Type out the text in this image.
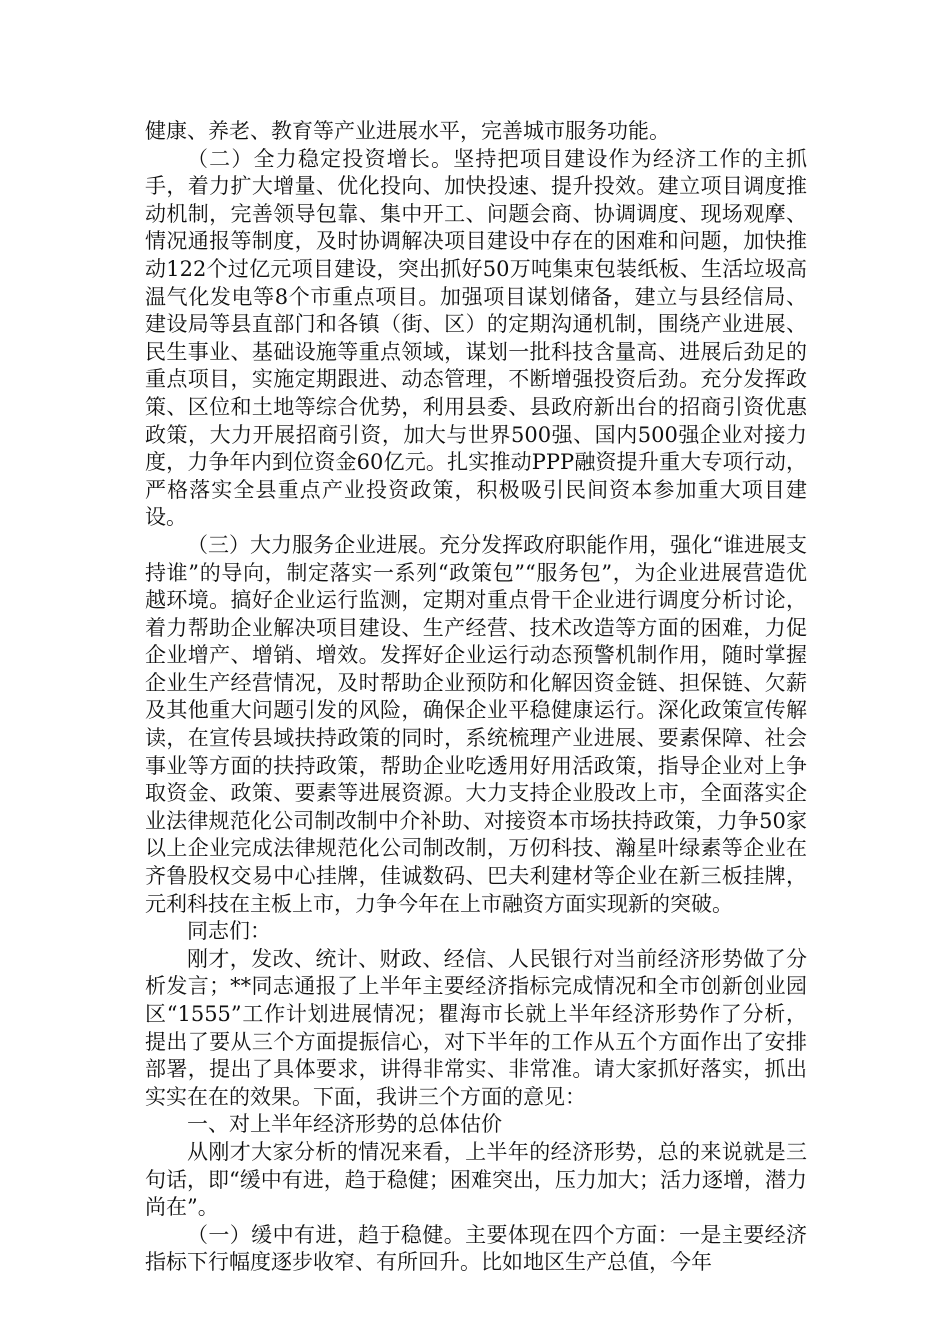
健康、养老、教育等产业进展水平，完善城市服务功能。

（二）全力稳定投资增长。坚持把项目建设作为经济工作的主抓手，着力扩大增量、优化投向、加快投速、提升投效。建立项目调度推动机制，完善领导包靠、集中开工、问题会商、协调调度、现场观摩、情况通报等制度，及时协调解决项目建设中存在的困难和问题，加快推动122个过亿元项目建设，突出抓好50万吨集束包装纸板、生活垃圾高温气化发电等8个市重点项目。加强项目谋划储备，建立与县经信局、建设局等县直部门和各镇（街、区）的定期沟通机制，围绕产业进展、民生事业、基础设施等重点领域，谋划一批科技含量高、进展后劲足的重点项目，实施定期跟进、动态管理，不断增强投资后劲。充分发挥政策、区位和土地等综合优势，利用县委、县政府新出台的招商引资优惠政策，大力开展招商引资，加大与世界500强、国内500强企业对接力度，力争年内到位资金60亿元。扎实推动PPP融资提升重大专项行动，严格落实全县重点产业投资政策，积极吸引民间资本参加重大项目建设。

（三）大力服务企业进展。充分发挥政府职能作用，强化“谁进展支持谁”的导向，制定落实一系列“政策包”“服务包”，为企业进展营造优越环境。搞好企业运行监测，定期对重点骨干企业进行调度分析讨论，着力帮助企业解决项目建设、生产经营、技术改造等方面的困难，力促企业增产、增销、增效。发挥好企业运行动态预警机制作用，随时掌握企业生产经营情况，及时帮助企业预防和化解因资金链、担保链、欠薪及其他重大问题引发的风险，确保企业平稳健康运行。深化政策宣传解读，在宣传县域扶持政策的同时，系统梳理产业进展、要素保障、社会事业等方面的扶持政策，帮助企业吃透用好用活政策，指导企业对上争取资金、政策、要素等进展资源。大力支持企业股改上市，全面落实企业法律规范化公司制改制中介补助、对接资本市场扶持政策，力争50家以上企业完成法律规范化公司制改制，万仞科技、瀚星叶绿素等企业在齐鲁股权交易中心挂牌，佳诚数码、巴夫利建材等企业在新三板挂牌，元利科技在主板上市，力争今年在上市融资方面实现新的突破。

同志们：

刚才，发改、统计、财政、经信、人民银行对当前经济形势做了分析发言；**同志通报了上半年主要经济指标完成情况和全市创新创业园区“1555”工作计划进展情况；瞿海市长就上半年经济形势作了分析，提出了要从三个方面提振信心，对下半年的工作从五个方面作出了安排部署，提出了具体要求，讲得非常实、非常准。请大家抓好落实，抓出实实在在的效果。下面，我讲三个方面的意见：

一、对上半年经济形势的总体估价

从刚才大家分析的情况来看，上半年的经济形势，总的来说就是三句话，即“缓中有进，趋于稳健；困难突出，压力加大；活力逐增，潜力尚在”。

（一）缓中有进，趋于稳健。主要体现在四个方面：一是主要经济指标下行幅度逐步收窄、有所回升。比如地区生产总值，今年
